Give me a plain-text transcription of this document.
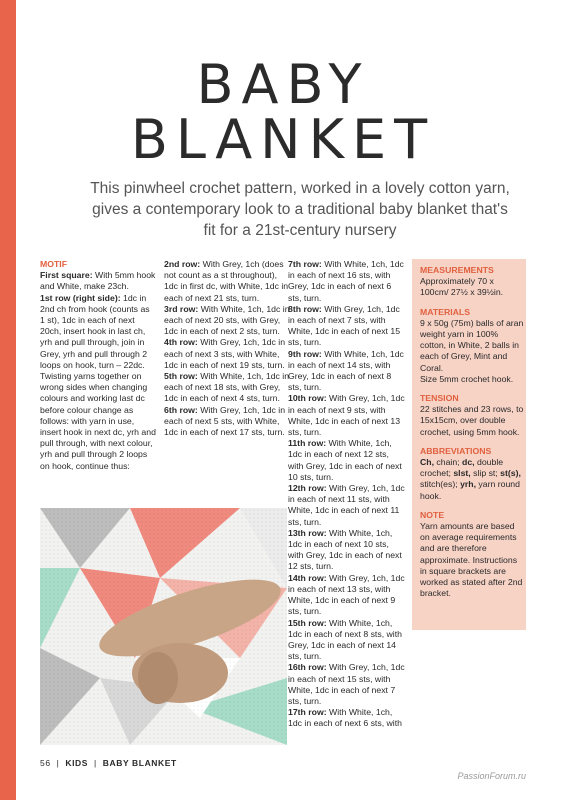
BABY
BLANKET
This pinwheel crochet pattern, worked in a lovely cotton yarn, gives a contemporary look to a traditional baby blanket that's fit for a 21st-century nursery

MOTIF

First square: With 5mm hook and White, make 23ch.

1st row (right side): 1dc in 2nd ch from hook (counts as 1 st), 1dc in each of next 20ch, insert hook in last ch, yrh and pull through, join in Grey, yrh and pull through 2 loops on hook, turn – 22dc.

Twisting yarns together on wrong sides when changing colours and working last dc before colour change as follows: with yarn in use, insert hook in next dc, yrh and pull through, with next colour, yrh and pull through 2 loops on hook, continue thus:

2nd row: With Grey, 1ch (does not count as a st throughout), 1dc in first dc, with White, 1dc in each of next 21 sts, turn.

3rd row: With White, 1ch, 1dc in each of next 20 sts, with Grey, 1dc in each of next 2 sts, turn.

4th row: With Grey, 1ch, 1dc in each of next 3 sts, with White, 1dc in each of next 19 sts, turn.

5th row: With White, 1ch, 1dc in each of next 18 sts, with Grey, 1dc in each of next 4 sts, turn.

6th row: With Grey, 1ch, 1dc in each of next 5 sts, with White, 1dc in each of next 17 sts, turn.

7th row: With White, 1ch, 1dc in each of next 16 sts, with Grey, 1dc in each of next 6 sts, turn.

8th row: With Grey, 1ch, 1dc in each of next 7 sts, with White, 1dc in each of next 15 sts, turn.

9th row: With White, 1ch, 1dc in each of next 14 sts, with Grey, 1dc in each of next 8 sts, turn.

10th row: With Grey, 1ch, 1dc in each of next 9 sts, with White, 1dc in each of next 13 sts, turn.

11th row: With White, 1ch, 1dc in each of next 12 sts, with Grey, 1dc in each of next 10 sts, turn.

12th row: With Grey, 1ch, 1dc in each of next 11 sts, with White, 1dc in each of next 11 sts, turn.

13th row: With White, 1ch, 1dc in each of next 10 sts, with Grey, 1dc in each of next 12 sts, turn.

14th row: With Grey, 1ch, 1dc in each of next 13 sts, with White, 1dc in each of next 9 sts, turn.

15th row: With White, 1ch, 1dc in each of next 8 sts, with Grey, 1dc in each of next 14 sts, turn.

16th row: With Grey, 1ch, 1dc in each of next 15 sts, with White, 1dc in each of next 7 sts, turn.

17th row: With White, 1ch, 1dc in each of next 6 sts, with

MEASUREMENTS
Approximately 70 x 100cm/ 27½ x 39½in.
MATERIALS
9 x 50g (75m) balls of aran weight yarn in 100% cotton, in White, 2 balls in each of Grey, Mint and Coral.
Size 5mm crochet hook.
TENSION
22 stitches and 23 rows, to 15x15cm, over double crochet, using 5mm hook.
ABBREVIATIONS
Ch, chain; dc, double crochet; slst, slip st; st(s), stitch(es); yrh, yarn round hook.
NOTE
Yarn amounts are based on average requirements and are therefore approximate. Instructions in square brackets are worked as stated after 2nd bracket.
56 | KIDS | BABY BLANKET
PassionForum.ru
